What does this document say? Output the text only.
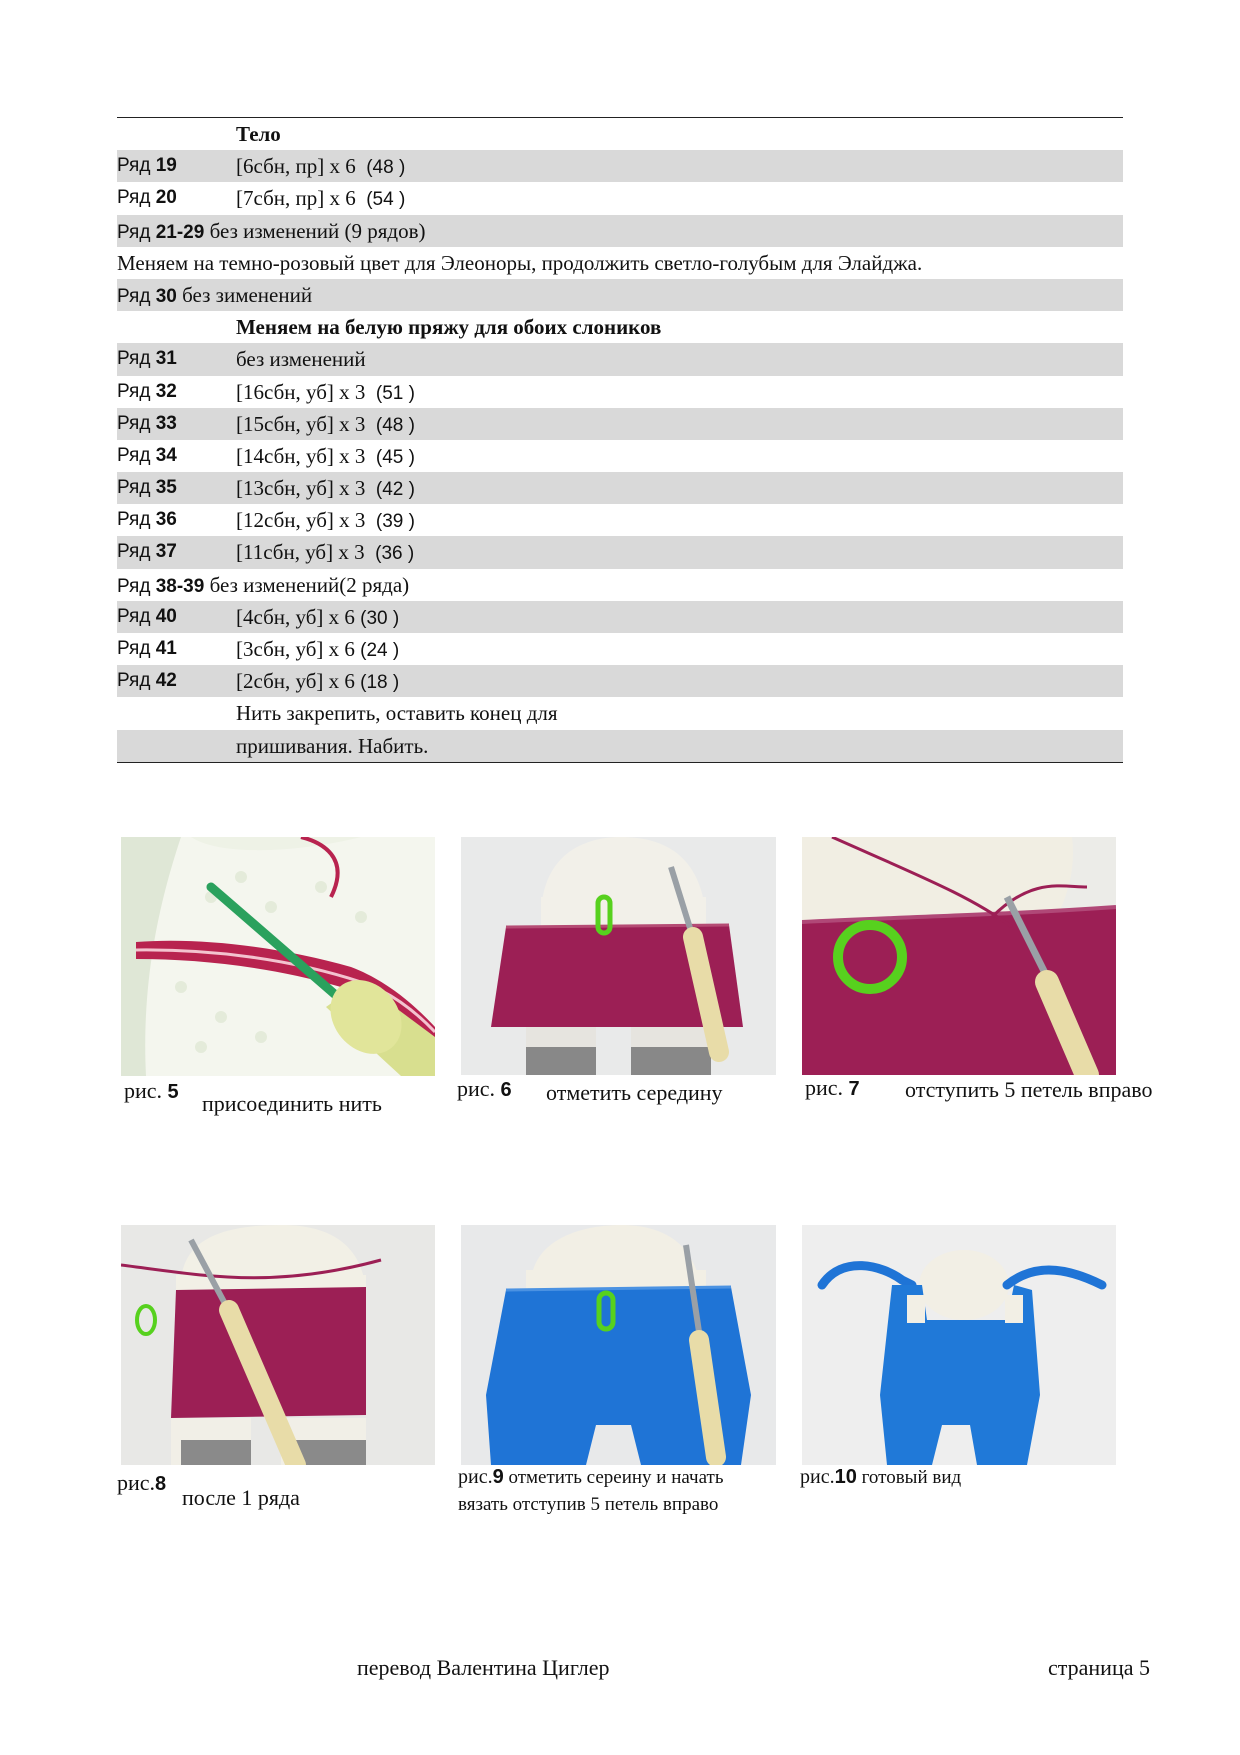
Тело
Ряд 19	[6сбн, пр] х 6 (48 )
Ряд 20	[7сбн, пр] х 6 (54 )
Ряд 21-29 без изменений (9 рядов)
Меняем на темно-розовый цвет для Элеоноры, продолжить светло-голубым для Элайджа.
Ряд 30 без зименений
Меняем на белую пряжу для обоих слоников
Ряд 31	без изменений
Ряд 32	[16сбн, уб] х 3 (51 )
Ряд 33	[15сбн, уб] х 3 (48 )
Ряд 34	[14сбн, уб] х 3 (45 )
Ряд 35	[13сбн, уб] х 3 (42 )
Ряд 36	[12сбн, уб] х 3 (39 )
Ряд 37	[11сбн, уб] х 3 (36 )
Ряд 38-39 без изменений(2 ряда)
Ряд 40	[4сбн, уб] х 6 (30 )
Ряд 41	[3сбн, уб] х 6 (24 )
Ряд 42	[2сбн, уб] х 6 (18 )
Нить закрепить, оставить конец для
пришивания. Набить.
рис. 5 присоединить нить
рис. 6 отметить середину	рис. 7 отступить 5 петель вправо
рис.8
после 1 ряда
рис.9 отметить сереину и начать
вязать отступив 5 петель вправо
рис.10 готовый вид
перевод Валентина Циглер	страница 5
